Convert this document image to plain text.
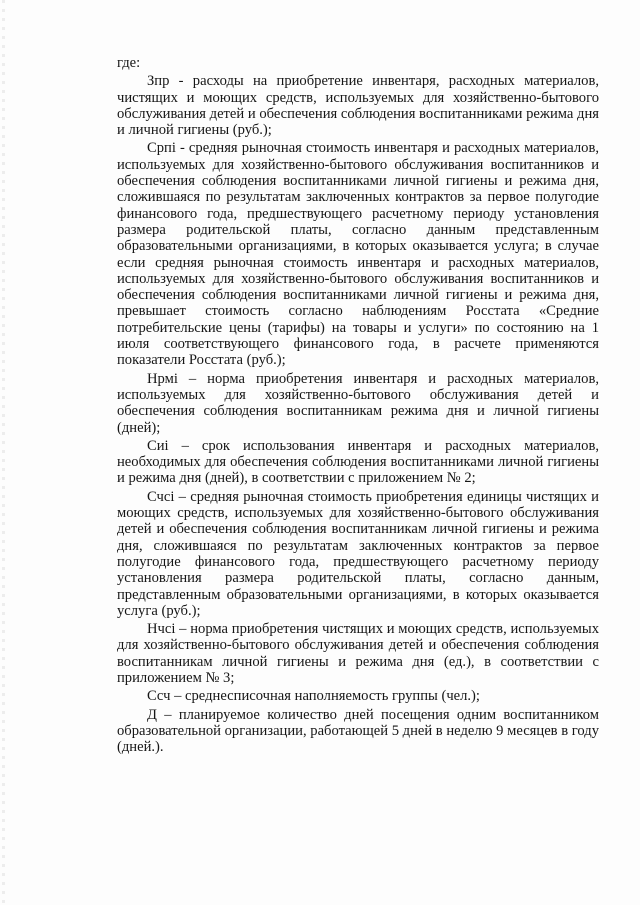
где:

Зпр - расходы на приобретение инвентаря, расходных материалов, чистящих и моющих средств, используемых для хозяйственно-бытового обслуживания детей и обеспечения соблюдения воспитанниками режима дня и личной гигиены (руб.);

Српi - средняя рыночная стоимость инвентаря и расходных материалов, используемых для хозяйственно-бытового обслуживания воспитанников и обеспечения соблюдения воспитанниками личной гигиены и режима дня, сложившаяся по результатам заключенных контрактов за первое полугодие финансового года, предшествующего расчетному периоду установления размера родительской платы, согласно данным представленным образовательными организациями, в которых оказывается услуга; в случае если средняя рыночная стоимость инвентаря и расходных материалов, используемых для хозяйственно-бытового обслуживания воспитанников и обеспечения соблюдения воспитанниками личной гигиены и режима дня, превышает стоимость согласно наблюдениям Росстата «Средние потребительские цены (тарифы) на товары и услуги» по состоянию на 1 июля соответствующего финансового года, в расчете применяются показатели Росстата (руб.);

Нрмi – норма приобретения инвентаря и расходных материалов, используемых для хозяйственно-бытового обслуживания детей и обеспечения соблюдения воспитанникам режима дня и личной гигиены (дней);

Сиi – срок использования инвентаря и расходных материалов, необходимых для обеспечения соблюдения воспитанниками личной гигиены и режима дня (дней), в соответствии с приложением № 2;

Счсi – средняя рыночная стоимость приобретения единицы чистящих и моющих средств, используемых для хозяйственно-бытового обслуживания детей и обеспечения соблюдения воспитанникам личной гигиены и режима дня, сложившаяся по результатам заключенных контрактов за первое полугодие финансового года, предшествующего расчетному периоду установления размера родительской платы, согласно данным, представленным образовательными организациями, в которых оказывается услуга (руб.);

Нчсi – норма приобретения чистящих и моющих средств, используемых для хозяйственно-бытового обслуживания детей и обеспечения соблюдения воспитанникам личной гигиены и режима дня (ед.), в соответствии с приложением № 3;

Ссч – среднесписочная наполняемость группы (чел.);

Д – планируемое количество дней посещения одним воспитанником образовательной организации, работающей 5 дней в неделю 9 месяцев в году (дней.).
